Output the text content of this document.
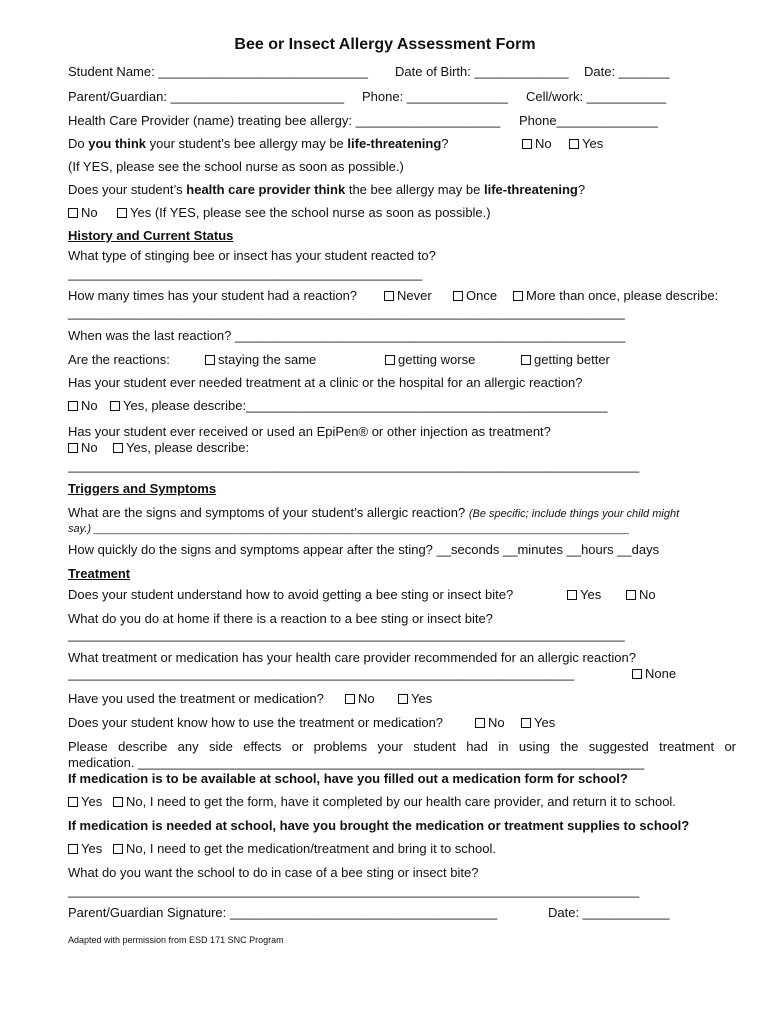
Bee or Insect Allergy Assessment Form
Student Name: _____________________________ Date of Birth: _____________ Date: _______
Parent/Guardian: ________________________ Phone: ______________ Cell/work: ___________
Health Care Provider (name) treating bee allergy: ____________________ Phone______________
Do you think your student’s bee allergy may be life-threatening?	No	Yes
(If YES, please see the school nurse as soon as possible.)
Does your student’s health care provider think the bee allergy may be life-threatening?
No	Yes (If YES, please see the school nurse as soon as possible.)
History and Current Status
What type of stinging bee or insect has your student reacted to?
_________________________________________________
How many times has your student had a reaction?	Never	Once	More than once, please describe:
_____________________________________________________________________________
When was the last reaction? ______________________________________________________
Are the reactions:	staying the same	getting worse	getting better
Has your student ever needed treatment at a clinic or the hospital for an allergic reaction?
No	Yes, please describe:__________________________________________________
Has your student ever received or used an EpiPen® or other injection as treatment?
No	Yes, please describe:
_______________________________________________________________________________
Triggers and Symptoms
What are the signs and symptoms of your student’s allergic reaction? (Be specific; include things your child might
say.) ___________________________________________________________________________________________________________
How quickly do the signs and symptoms appear after the sting? __seconds __minutes __hours __days
Treatment
Does your student understand how to avoid getting a bee sting or insect bite?	Yes	No
What do you do at home if there is a reaction to a bee sting or insect bite?
_____________________________________________________________________________
What treatment or medication has your health care provider recommended for an allergic reaction?
______________________________________________________________________	None
Have you used the treatment or medication?	No	Yes
Does your student know how to use the treatment or medication?	No	Yes
Please describe any side effects or problems your student had in using the suggested treatment or
medication. ______________________________________________________________________
If medication is to be available at school, have you filled out a medication form for school?
Yes	No, I need to get the form, have it completed by our health care provider, and return it to school.
If medication is needed at school, have you brought the medication or treatment supplies to school?
Yes	No, I need to get the medication/treatment and bring it to school.
What do you want the school to do in case of a bee sting or insect bite?
_______________________________________________________________________________
Parent/Guardian Signature: _____________________________________	Date: ____________
Adapted with permission from ESD 171 SNC Program
